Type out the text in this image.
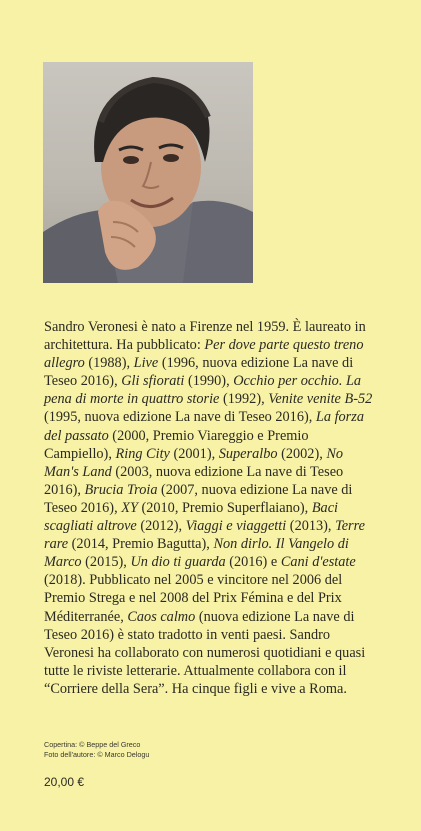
Sandro Veronesi è nato a Firenze nel 1959. È laureato in architettura. Ha pubblicato: Per dove parte questo treno allegro (1988), Live (1996, nuova edizione La nave di Teseo 2016), Gli sfiorati (1990), Occhio per occhio. La pena di morte in quattro storie (1992), Venite venite B-52 (1995, nuova edizione La nave di Teseo 2016), La forza del passato (2000, Premio Viareggio e Premio Campiello), Ring City (2001), Superalbo (2002), No Man's Land (2003, nuova edizione La nave di Teseo 2016), Brucia Troia (2007, nuova edizione La nave di Teseo 2016), XY (2010, Premio Superflaiano), Baci scagliati altrove (2012), Viaggi e viaggetti (2013), Terre rare (2014, Premio Bagutta), Non dirlo. Il Vangelo di Marco (2015), Un dio ti guarda (2016) e Cani d'estate (2018). Pubblicato nel 2005 e vincitore nel 2006 del Premio Strega e nel 2008 del Prix Fémina e del Prix Méditerranée, Caos calmo (nuova edizione La nave di Teseo 2016) è stato tradotto in venti paesi. Sandro Veronesi ha collaborato con numerosi quotidiani e quasi tutte le riviste letterarie. Attualmente collabora con il “Corriere della Sera”. Ha cinque figli e vive a Roma.

Copertina: © Beppe del Greco
Foto dell'autore: © Marco Delogu
20,00 €
